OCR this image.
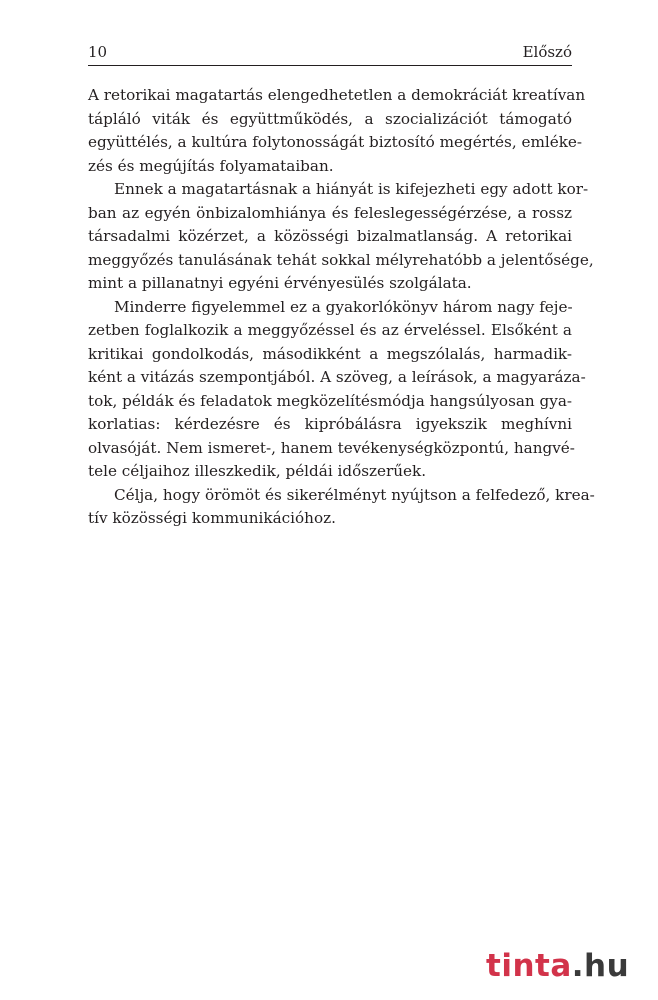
10	Előszó
A retorikai magatartás elengedhetetlen a demokráciát kreatívan
tápláló viták és együttműködés, a szocializációt támogató
együttélés, a kultúra folytonosságát biztosító megértés, emléke-
zés és megújítás folyamataiban.
Ennek a magatartásnak a hiányát is kifejezheti egy adott kor-
ban az egyén önbizalomhiánya és feleslegességérzése, a rossz
társadalmi közérzet, a közösségi bizalmatlanság. A retorikai
meggyőzés tanulásának tehát sokkal mélyrehatóbb a jelentősége,
mint a pillanatnyi egyéni érvényesülés szolgálata.
Minderre figyelemmel ez a gyakorlókönyv három nagy feje-
zetben foglalkozik a meggyőzéssel és az érveléssel. Elsőként a
kritikai gondolkodás, másodikként a megszólalás, harmadik-
ként a vitázás szempontjából. A szöveg, a leírások, a magyaráza-
tok, példák és feladatok megközelítésmódja hangsúlyosan gya-
korlatias: kérdezésre és kipróbálásra igyekszik meghívni
olvasóját. Nem ismeret-, hanem tevékenységközpontú, hangvé-
tele céljaihoz illeszkedik, példái időszerűek.
Célja, hogy örömöt és sikerélményt nyújtson a felfedező, krea-
tív közösségi kommunikációhoz.
tinta.hu
